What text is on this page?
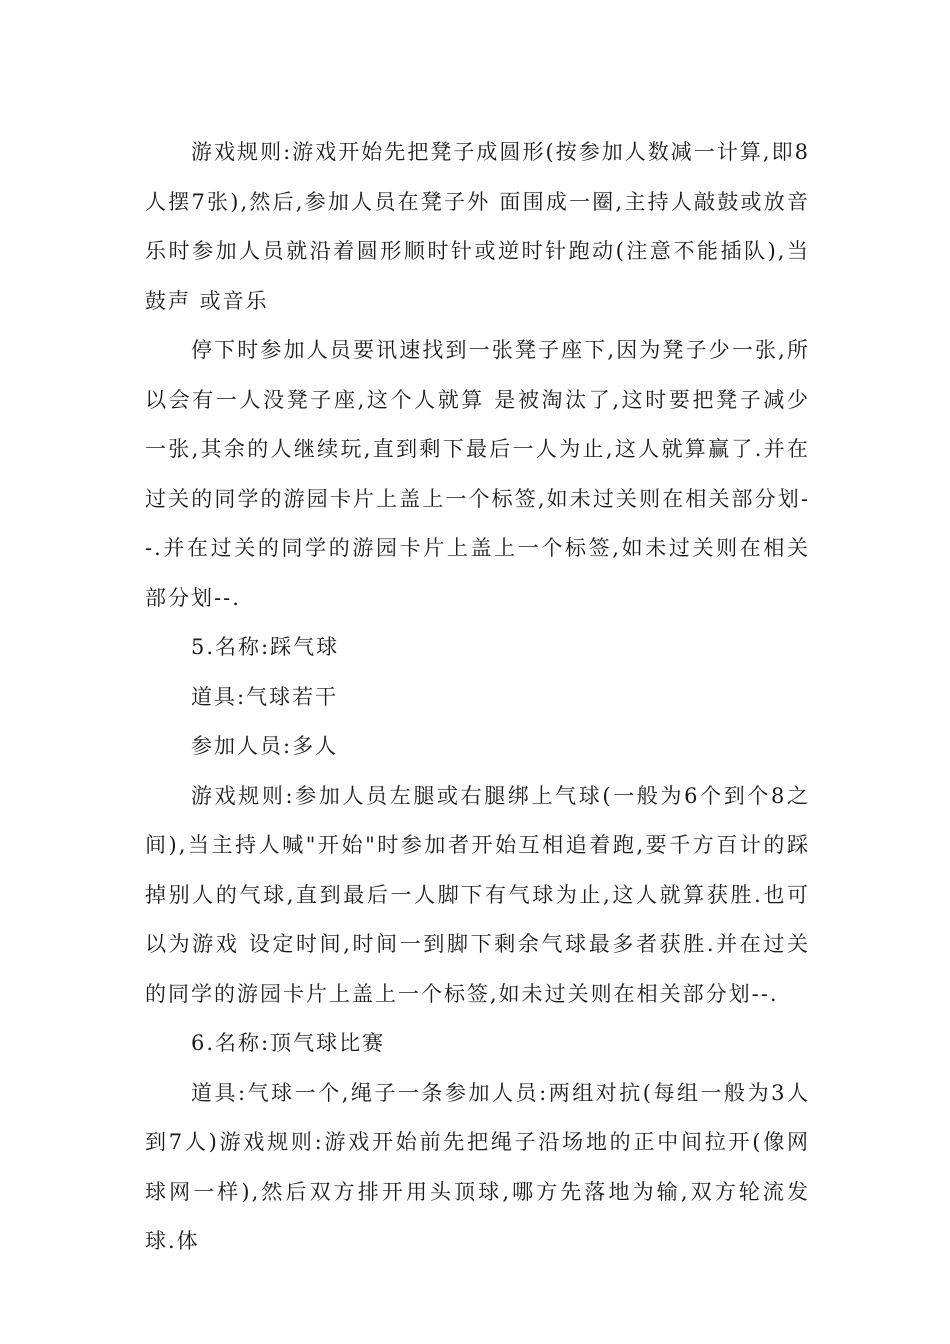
游戏规则:游戏开始先把凳子成圆形(按参加人数减一计算,即8人摆7张),然后,参加人员在凳子外 面围成一圈,主持人敲鼓或放音乐时参加人员就沿着圆形顺时针或逆时针跑动(注意不能插队),当鼓声 或音乐

停下时参加人员要讯速找到一张凳子座下,因为凳子少一张,所以会有一人没凳子座,这个人就算 是被淘汰了,这时要把凳子减少一张,其余的人继续玩,直到剩下最后一人为止,这人就算赢了.并在过关的同学的游园卡片上盖上一个标签,如未过关则在相关部分划--.并在过关的同学的游园卡片上盖上一个标签,如未过关则在相关部分划--.

5.名称:踩气球

道具:气球若干

参加人员:多人

游戏规则:参加人员左腿或右腿绑上气球(一般为6个到个8之间),当主持人喊"开始"时参加者开始互相追着跑,要千方百计的踩掉别人的气球,直到最后一人脚下有气球为止,这人就算获胜.也可以为游戏 设定时间,时间一到脚下剩余气球最多者获胜.并在过关的同学的游园卡片上盖上一个标签,如未过关则在相关部分划--.

6.名称:顶气球比赛

道具:气球一个,绳子一条参加人员:两组对抗(每组一般为3人到7人)游戏规则:游戏开始前先把绳子沿场地的正中间拉开(像网球网一样),然后双方排开用头顶球,哪方先落地为输,双方轮流发球.体
